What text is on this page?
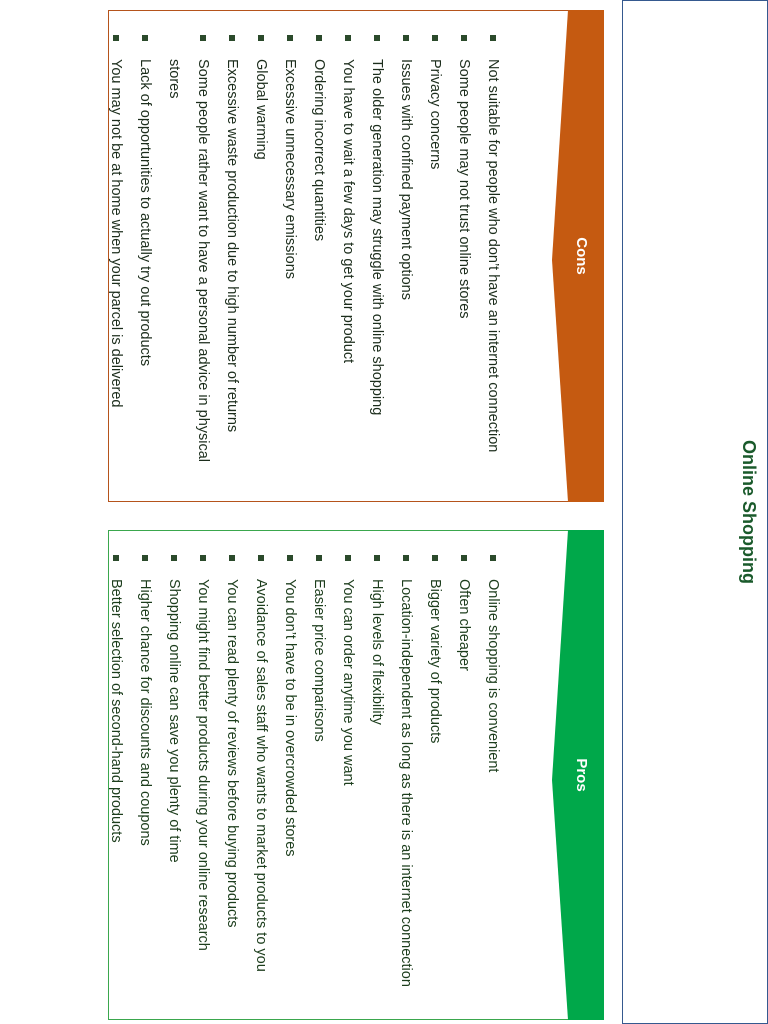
Online Shopping
Pros
Online shopping is convenient
Often cheaper
Bigger variety of products
Location-independent as long as there is an internet connection
High levels of flexibility
You can order anytime you want
Easier price comparisons
You don’t have to be in overcrowded stores
Avoidance of sales staff who wants to market products to you
You can read plenty of reviews before buying products
You might find better products during your online research
Shopping online can save you plenty of time
Higher chance for discounts and coupons
Better selection of second-hand products
Cons
Not suitable for people who don’t have an internet connection
Some people may not trust online stores
Privacy concerns
Issues with confined payment options
The older generation may struggle with online shopping
You have to wait a few days to get your product
Ordering incorrect quantities
Excessive unnecessary emissions
Global warming
Excessive waste production due to high number of returns
Some people rather want to have a personal advice in physical stores
Lack of opportunities to actually try out products
You may not be at home when your parcel is delivered
